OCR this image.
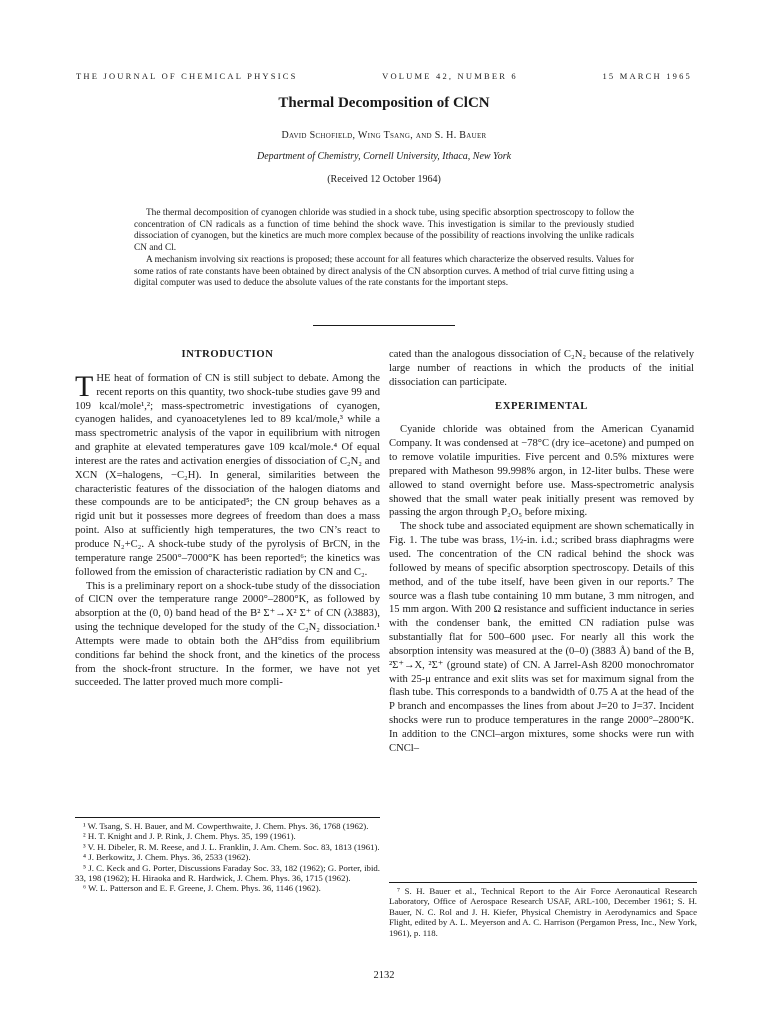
THE JOURNAL OF CHEMICAL PHYSICS	VOLUME 42, NUMBER 6	15 MARCH 1965
Thermal Decomposition of ClCN
David Schofield, Wing Tsang, and S. H. Bauer
Department of Chemistry, Cornell University, Ithaca, New York
(Received 12 October 1964)

The thermal decomposition of cyanogen chloride was studied in a shock tube, using specific absorption spectroscopy to follow the concentration of CN radicals as a function of time behind the shock wave. This investigation is similar to the previously studied dissociation of cyanogen, but the kinetics are much more complex because of the possibility of reactions involving the unlike radicals CN and Cl.

A mechanism involving six reactions is proposed; these account for all features which characterize the observed results. Values for some ratios of rate constants have been obtained by direct analysis of the CN absorption curves. A method of trial curve fitting using a digital computer was used to deduce the absolute values of the rate constants for the important steps.

INTRODUCTION

THE heat of formation of CN is still subject to debate. Among the recent reports on this quantity, two shock-tube studies gave 99 and 109 kcal/mole¹,²; mass-spectrometric investigations of cyanogen, cyanogen halides, and cyanoacetylenes led to 89 kcal/mole,³ while a mass spectrometric analysis of the vapor in equilibrium with nitrogen and graphite at elevated temperatures gave 109 kcal/mole.⁴ Of equal interest are the rates and activation energies of dissociation of C₂N₂ and XCN (X=halogens, −C₂H). In general, similarities between the characteristic features of the dissociation of the halogen diatoms and these compounds are to be anticipated⁵; the CN group behaves as a rigid unit but it possesses more degrees of freedom than does a mass point. Also at sufficiently high temperatures, the two CN’s react to produce N₂+C₂. A shock-tube study of the pyrolysis of BrCN, in the temperature range 2500°–7000°K has been reported⁶; the kinetics was followed from the emission of characteristic radiation by CN and C₂.

This is a preliminary report on a shock-tube study of the dissociation of ClCN over the temperature range 2000°–2800°K, as followed by absorption at the (0, 0) band head of the B² Σ⁺→X² Σ⁺ of CN (λ3883), using the technique developed for the study of the C₂N₂ dissociation.¹ Attempts were made to obtain both the ΔH°diss from equilibrium conditions far behind the shock front, and the kinetics of the process from the shock-front structure. In the former, we have not yet succeeded. The latter proved much more compli-

¹ W. Tsang, S. H. Bauer, and M. Cowperthwaite, J. Chem. Phys. 36, 1768 (1962).
² H. T. Knight and J. P. Rink, J. Chem. Phys. 35, 199 (1961).
³ V. H. Dibeler, R. M. Reese, and J. L. Franklin, J. Am. Chem. Soc. 83, 1813 (1961).
⁴ J. Berkowitz, J. Chem. Phys. 36, 2533 (1962).
⁵ J. C. Keck and G. Porter, Discussions Faraday Soc. 33, 182 (1962); G. Porter, ibid. 33, 198 (1962); H. Hiraoka and R. Hardwick, J. Chem. Phys. 36, 1715 (1962).
⁶ W. L. Patterson and E. F. Greene, J. Chem. Phys. 36, 1146 (1962).

cated than the analogous dissociation of C₂N₂ because of the relatively large number of reactions in which the products of the initial dissociation can participate.

EXPERIMENTAL

Cyanide chloride was obtained from the American Cyanamid Company. It was condensed at −78°C (dry ice–acetone) and pumped on to remove volatile impurities. Five percent and 0.5% mixtures were prepared with Matheson 99.998% argon, in 12-liter bulbs. These were allowed to stand overnight before use. Mass-spectrometric analysis showed that the small water peak initially present was removed by passing the argon through P₂O₅ before mixing.

The shock tube and associated equipment are shown schematically in Fig. 1. The tube was brass, 1½-in. i.d.; scribed brass diaphragms were used. The concentration of the CN radical behind the shock was followed by means of specific absorption spectroscopy. Details of this method, and of the tube itself, have been given in our reports.⁷ The source was a flash tube containing 10 mm butane, 3 mm nitrogen, and 15 mm argon. With 200 Ω resistance and sufficient inductance in series with the condenser bank, the emitted CN radiation pulse was substantially flat for 500–600 μsec. For nearly all this work the absorption intensity was measured at the (0–0) (3883 Å) band of the B, ²Σ⁺→X, ²Σ⁺ (ground state) of CN. A Jarrel-Ash 8200 monochromator with 25-μ entrance and exit slits was set for maximum signal from the flash tube. This corresponds to a bandwidth of 0.75 A at the head of the P branch and encompasses the lines from about J=20 to J=37. Incident shocks were run to produce temperatures in the range 2000°–2800°K. In addition to the CNCl–argon mixtures, some shocks were run with CNCl–

⁷ S. H. Bauer et al., Technical Report to the Air Force Aeronautical Research Laboratory, Office of Aerospace Research USAF, ARL-100, December 1961; S. H. Bauer, N. C. Rol and J. H. Kiefer, Physical Chemistry in Aerodynamics and Space Flight, edited by A. L. Meyerson and A. C. Harrison (Pergamon Press, Inc., New York, 1961), p. 118.
2132
